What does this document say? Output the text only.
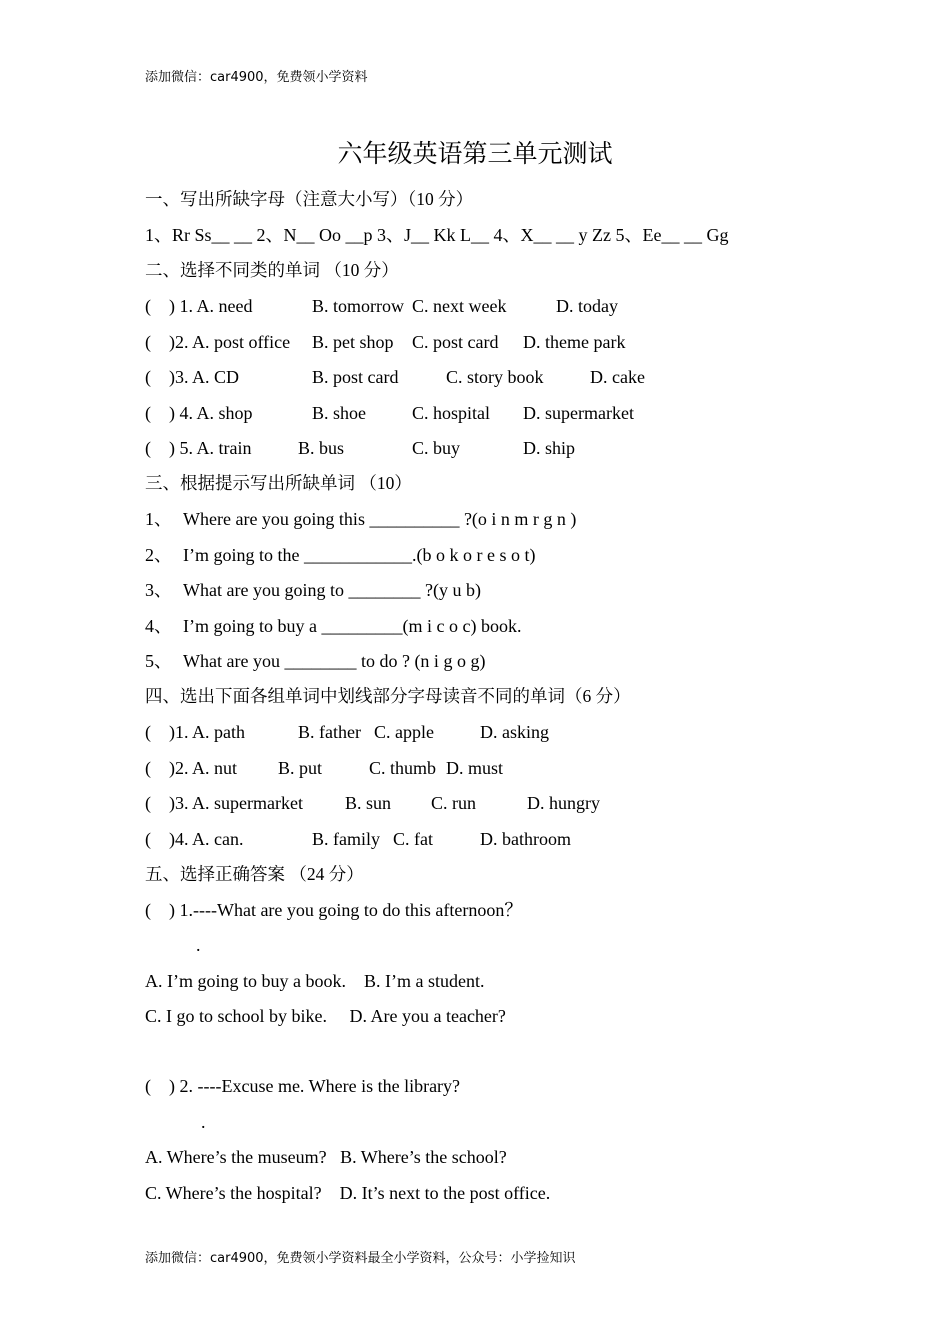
添加微信：car4900，免费领小学资料
六年级英语第三单元测试
一、写出所缺字母（注意大小写）（10 分）
1、Rr Ss__ __ 2、N__ Oo __p 3、J__ Kk L__ 4、X__ __ y Zz 5、Ee__ __ Gg
二、选择不同类的单词 （10 分）
(    ) 1. A. need	B. tomorrow C. next week	D. today
(    )2. A. post office B. pet shop C. post card D. theme park
(    )3. A. CD	B. post card	C. story book	D. cake
(    ) 4. A. shop	B. shoe	C. hospital D. supermarket
(    ) 5. A. train	B. bus	C. buy	D. ship
三、根据提示写出所缺单词 （10）
1、 Where are you going this __________ ?(o i n m r g n )
2、 I’m going to the ____________.(b o k o r e s o t)
3、 What are you going to ________ ?(y u b)
4、 I’m going to buy a _________(m i c o c) book.
5、 What are you ________ to do ? (n i g o g)
四、选出下面各组单词中划线部分字母读音不同的单词（6 分）
(    )1. A. path	B. father C. apple	D. asking
(    )2. A. nut B. put	C. thumb D. must
(    )3. A. supermarket B. sun C. run	D. hungry
(    )4. A. can.	B. family C. fat	D. bathroom
五、选择正确答案 （24 分）
(    ) 1.----What are you going to do this afternoon？
.
A. I’m going to buy a book.    B. I’m a student.
C. I go to school by bike.     D. Are you a teacher?
(    ) 2. ----Excuse me. Where is the library?
.
A. Where’s the museum?   B. Where’s the school?
C. Where’s the hospital?    D. It’s next to the post office.
添加微信：car4900，免费领小学资料最全小学资料，公众号：小学捡知识
